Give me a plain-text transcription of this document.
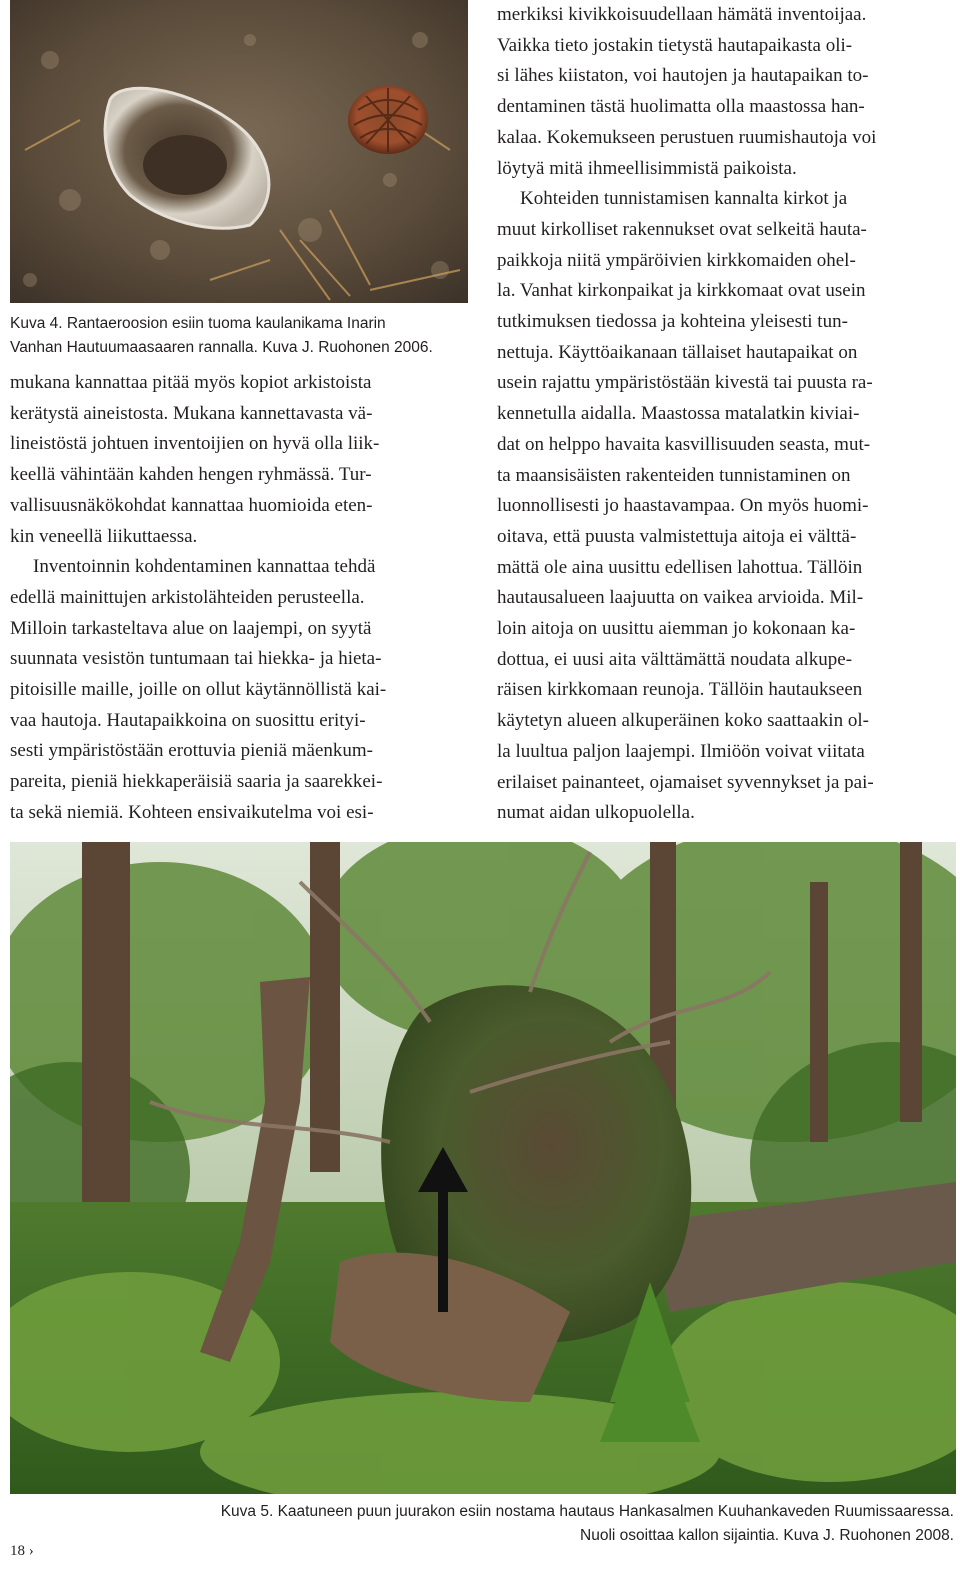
Kuva 4. Rantaeroosion esiin tuoma kaulanikama Inarin
Vanhan Hautuumaasaaren rannalla. Kuva J. Ruohonen 2006.
mukana kannattaa pitää myös kopiot arkistoista
kerätystä aineistosta. Mukana kannettavasta vä-
lineistöstä johtuen inventoijien on hyvä olla liik-
keellä vähintään kahden hengen ryhmässä. Tur-
vallisuusnäkökohdat kannattaa huomioida eten-
kin veneellä liikuttaessa.
Inventoinnin kohdentaminen kannattaa tehdä
edellä mainittujen arkistolähteiden perusteella.
Milloin tarkasteltava alue on laajempi, on syytä
suunnata vesistön tuntumaan tai hiekka- ja hieta-
pitoisille maille, joille on ollut käytännöllistä kai-
vaa hautoja. Hautapaikkoina on suosittu erityi-
sesti ympäristöstään erottuvia pieniä mäenkum-
pareita, pieniä hiekkaperäisiä saaria ja saarekkei-
ta sekä niemiä. Kohteen ensivaikutelma voi esi-
merkiksi kivikkoisuudellaan hämätä inventoijaa.
Vaikka tieto jostakin tietystä hautapaikasta oli-
si lähes kiistaton, voi hautojen ja hautapaikan to-
dentaminen tästä huolimatta olla maastossa han-
kalaa. Kokemukseen perustuen ruumishautoja voi
löytyä mitä ihmeellisimmistä paikoista.
Kohteiden tunnistamisen kannalta kirkot ja
muut kirkolliset rakennukset ovat selkeitä hauta-
paikkoja niitä ympäröivien kirkkomaiden ohel-
la. Vanhat kirkonpaikat ja kirkkomaat ovat usein
tutkimuksen tiedossa ja kohteina yleisesti tun-
nettuja. Käyttöaikanaan tällaiset hautapaikat on
usein rajattu ympäristöstään kivestä tai puusta ra-
kennetulla aidalla. Maastossa matalatkin kiviai-
dat on helppo havaita kasvillisuuden seasta, mut-
ta maansisäisten rakenteiden tunnistaminen on
luonnollisesti jo haastavampaa. On myös huomi-
oitava, että puusta valmistettuja aitoja ei välttä-
mättä ole aina uusittu edellisen lahottua. Tällöin
hautausalueen laajuutta on vaikea arvioida. Mil-
loin aitoja on uusittu aiemman jo kokonaan ka-
dottua, ei uusi aita välttämättä noudata alkupe-
räisen kirkkomaan reunoja. Tällöin hautaukseen
käytetyn alueen alkuperäinen koko saattaakin ol-
la luultua paljon laajempi. Ilmiöön voivat viitata
erilaiset painanteet, ojamaiset syvennykset ja pai-
numat aidan ulkopuolella.
Kuva 5. Kaatuneen puun juurakon esiin nostama hautaus Hankasalmen Kuuhankaveden Ruumissaaressa.
Nuoli osoittaa kallon sijaintia. Kuva J. Ruohonen 2008.
18 ›
